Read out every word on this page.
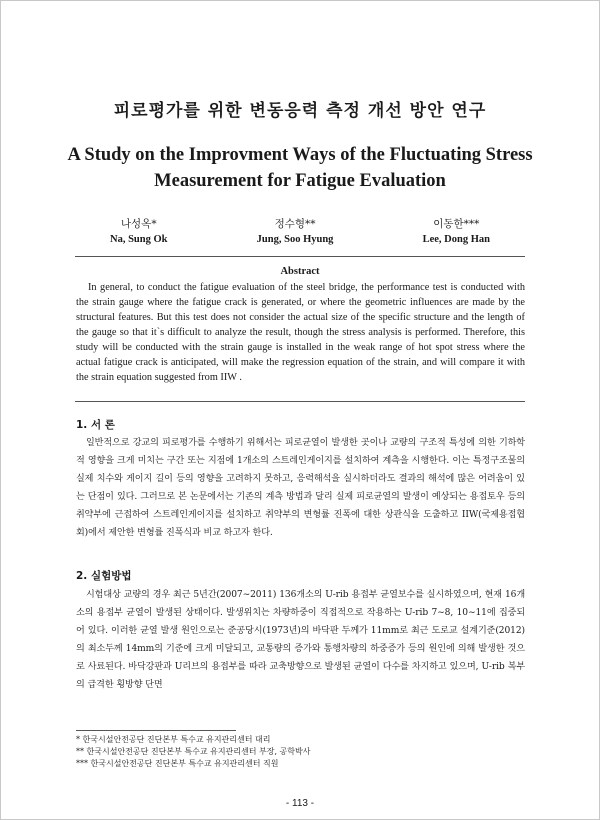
피로평가를 위한 변동응력 측정 개선 방안 연구
A Study on the Improvment Ways of the Fluctuating Stress Measurement for Fatigue Evaluation
나성옥*
Na, Sung Ok
정수형**
Jung, Soo Hyung
이동한***
Lee, Dong Han
Abstract

In general, to conduct the fatigue evaluation of the steel bridge, the performance test is conducted with the strain gauge where the fatigue crack is generated, or where the geometric influences are made by the structural features. But this test does not consider the actual size of the specific structure and the length of the gauge so that it`s difficult to analyze the result, though the stress analysis is performed. Therefore, this study will be conducted with the strain gauge is installed in the weak range of hot spot stress where the actual fatigue crack is anticipated, will make the regression equation of the strain, and will compare it with the strain equation suggested from IIW .

1. 서 론

일반적으로 강교의 피로평가를 수행하기 위해서는 피로균열이 발생한 곳이나 교량의 구조적 특성에 의한 기하학적 영향을 크게 미치는 구간 또는 지점에 1개소의 스트레인게이지를 설치하여 계측을 시행한다. 이는 특정구조물의 실제 치수와 게이지 길이 등의 영향을 고려하지 못하고, 응력해석을 실시하더라도 결과의 해석에 많은 어려움이 있는 단점이 있다. 그러므로 본 논문에서는 기존의 계측 방법과 달리 실제 피로균열의 발생이 예상되는 용접토우 등의 취약부에 근접하여 스트레인게이지를 설치하고 취약부의 변형률 진폭에 대한 상관식을 도출하고 IIW(국제용접협회)에서 제안한 변형률 진폭식과 비교 하고자 한다.

2. 실험방법

시험대상 교량의 경우 최근 5년간(2007∼2011) 136개소의 U-rib 용접부 균열보수를 실시하였으며, 현재 16개소의 용접부 균열이 발생된 상태이다. 발생위치는 차량하중이 직접적으로 작용하는 U-rib 7∼8, 10∼11에 집중되어 있다. 이러한 균열 발생 원인으로는 준공당시(1973년)의 바닥판 두께가 11mm로 최근 도로교 설계기준(2012)의 최소두께 14mm의 기준에 크게 미달되고, 교통량의 증가와 통행차량의 하중증가 등의 원인에 의해 발생한 것으로 사료된다. 바닥강판과 U리브의 용접부를 따라 교축방향으로 발생된 균열이 다수를 차지하고 있으며, U-rib 복부의 급격한 횡방향 단면

* 한국시설안전공단 진단본부 특수교 유지관리센터 대리
** 한국시설안전공단 진단본부 특수교 유지관리센터 부장, 공학박사
*** 한국시설안전공단 진단본부 특수교 유지관리센터 직원
- 113 -
